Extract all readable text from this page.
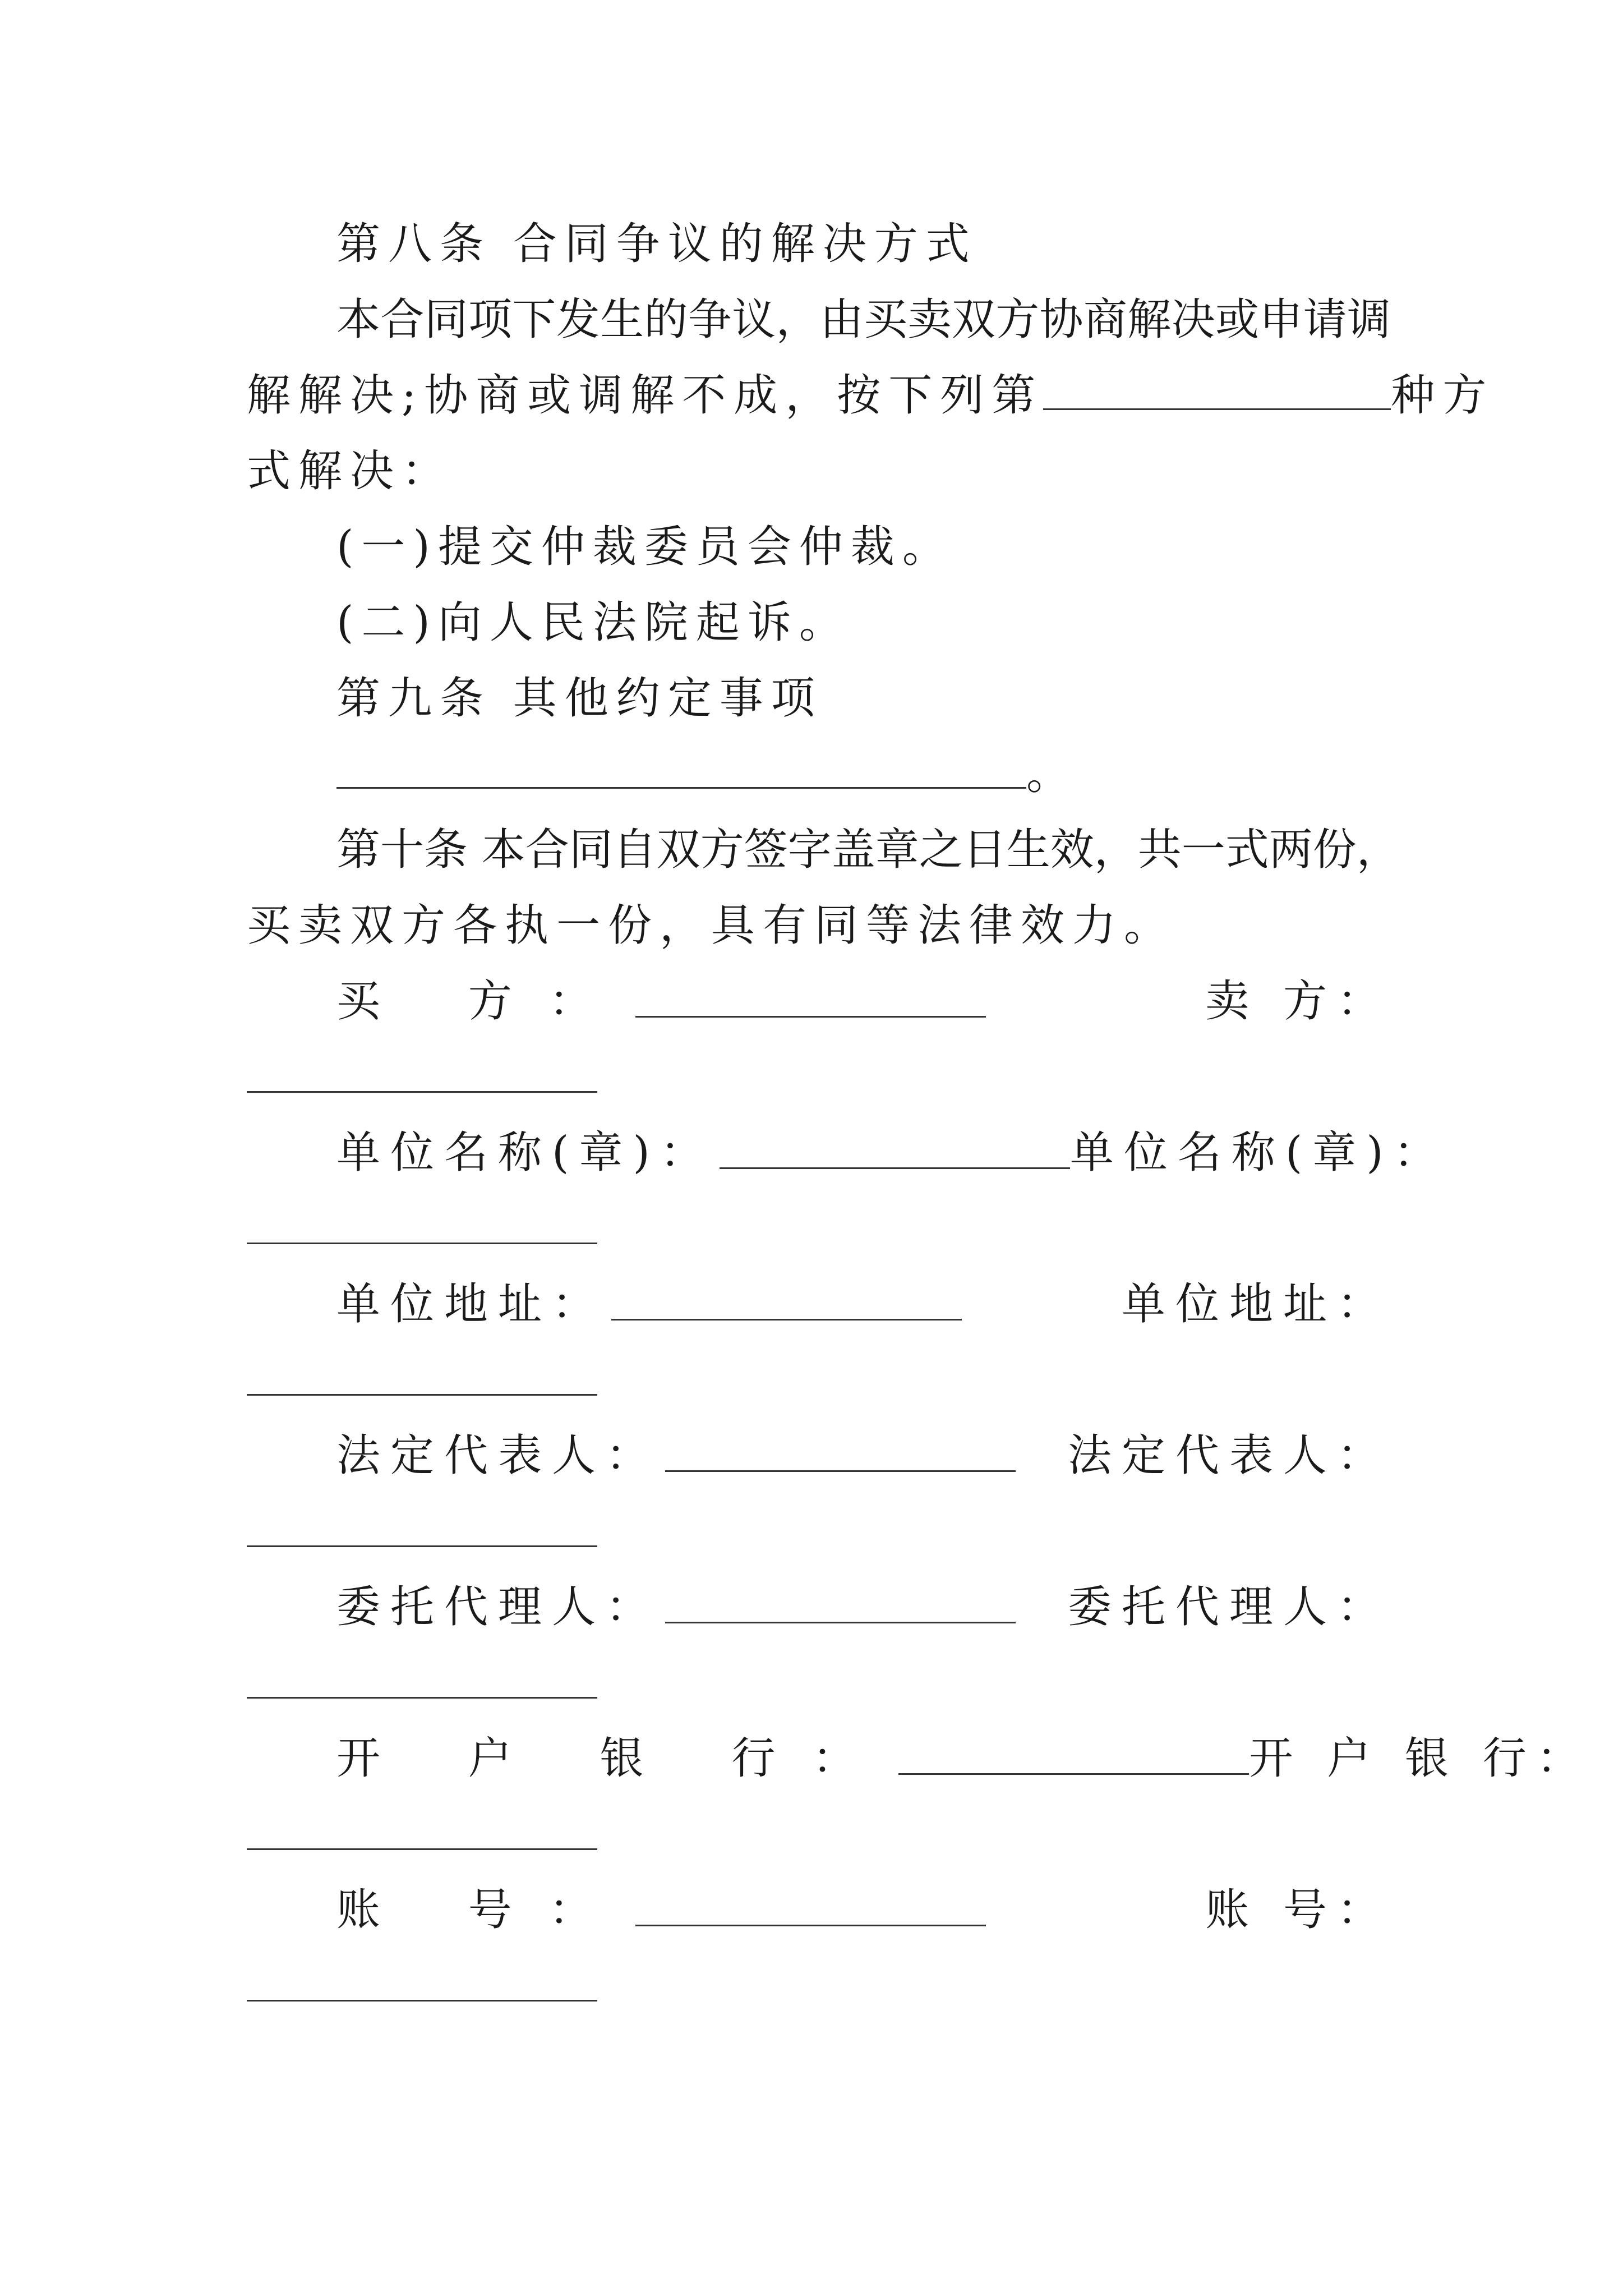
第八条 合同争议的解决方式
本合同项下发生的争议，由买卖双方协商解决或申请调
解解决;协商或调解不成，按下列第	种方
式解决：
(一)提交仲裁委员会仲裁。
(二)向人民法院起诉。
第九条 其他约定事项
。
第十条 本合同自双方签字盖章之日生效，共一式两份，
买卖双方各执一份，具有同等法律效力。
买 方：	卖 方：
单位名称(章)：	单位名称(章)：
单位地址：	单位地址：
法定代表人：	法定代表人：
委托代理人：	委托代理人：
开 户 银 行：	开 户 银 行：
账 号：	账 号：
